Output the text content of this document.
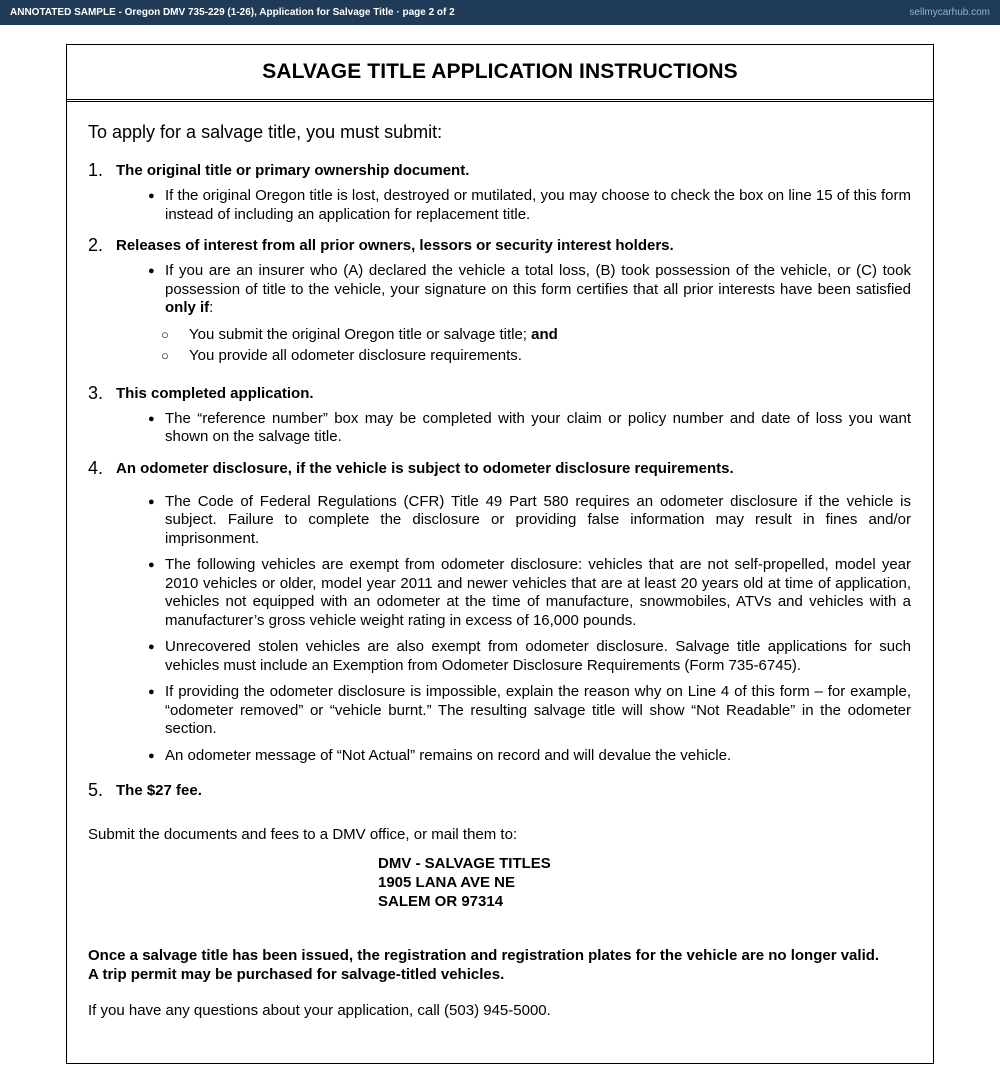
ANNOTATED SAMPLE - Oregon DMV 735-229 (1-26), Application for Salvage Title · page 2 of 2	sellmycarhub.com
SALVAGE TITLE APPLICATION INSTRUCTIONS

To apply for a salvage title, you must submit:

1. The original title or primary ownership document.
● If the original Oregon title is lost, destroyed or mutilated, you may choose to check the box on line 15 of this form instead of including an application for replacement title.
2. Releases of interest from all prior owners, lessors or security interest holders.
● If you are an insurer who (A) declared the vehicle a total loss, (B) took possession of the vehicle, or (C) took possession of title to the vehicle, your signature on this form certifies that all prior interests have been satisfied only if:
○ You submit the original Oregon title or salvage title; and
○ You provide all odometer disclosure requirements.
3. This completed application.
● The “reference number” box may be completed with your claim or policy number and date of loss you want shown on the salvage title.
4. An odometer disclosure, if the vehicle is subject to odometer disclosure requirements.
● The Code of Federal Regulations (CFR) Title 49 Part 580 requires an odometer disclosure if the vehicle is subject. Failure to complete the disclosure or providing false information may result in fines and/or imprisonment.
● The following vehicles are exempt from odometer disclosure: vehicles that are not self-propelled, model year 2010 vehicles or older, model year 2011 and newer vehicles that are at least 20 years old at time of application, vehicles not equipped with an odometer at the time of manufacture, snowmobiles, ATVs and vehicles with a manufacturer’s gross vehicle weight rating in excess of 16,000 pounds.
● Unrecovered stolen vehicles are also exempt from odometer disclosure. Salvage title applications for such vehicles must include an Exemption from Odometer Disclosure Requirements (Form 735-6745).
● If providing the odometer disclosure is impossible, explain the reason why on Line 4 of this form – for example, “odometer removed” or “vehicle burnt.” The resulting salvage title will show “Not Readable” in the odometer section.
● An odometer message of “Not Actual” remains on record and will devalue the vehicle.
5. The $27 fee.

Submit the documents and fees to a DMV office, or mail them to:

DMV - SALVAGE TITLES
1905 LANA AVE NE
SALEM OR 97314

Once a salvage title has been issued, the registration and registration plates for the vehicle are no longer valid.

A trip permit may be purchased for salvage-titled vehicles.

If you have any questions about your application, call (503) 945-5000.
